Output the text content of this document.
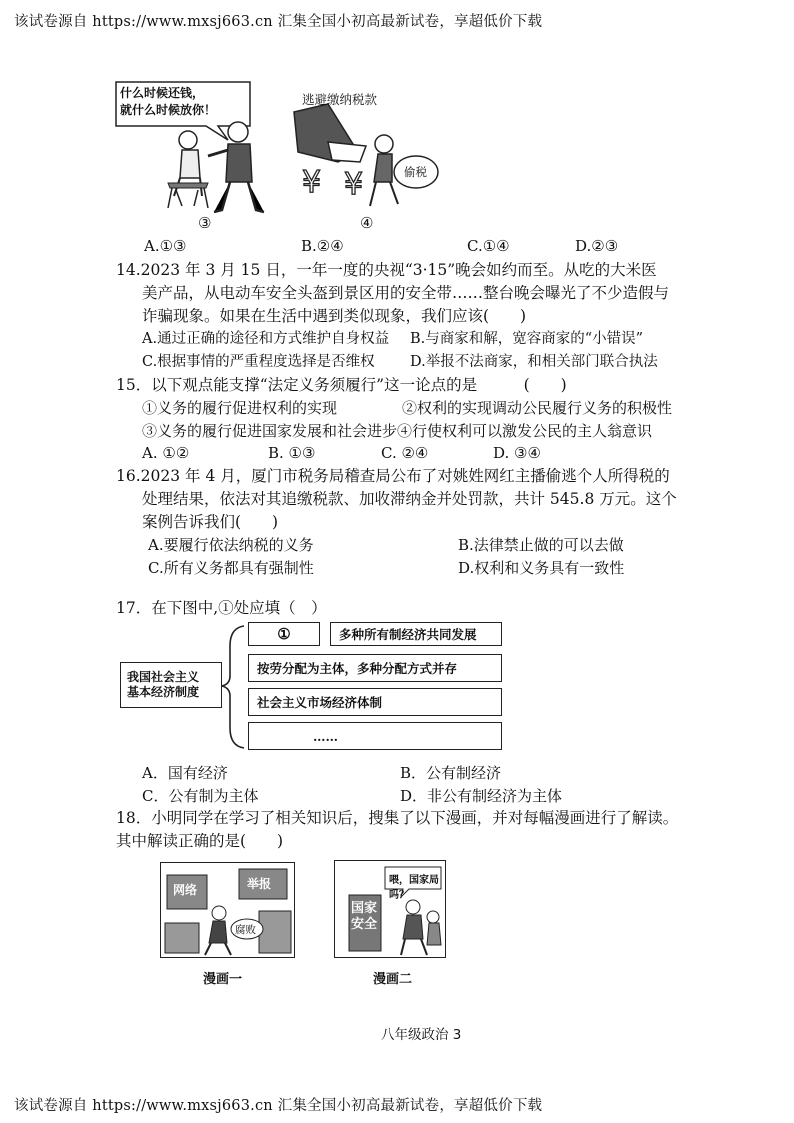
该试卷源自 https://www.mxsj663.cn 汇集全国小初高最新试卷，享超低价下载
什么时候还钱，
就什么时候放你！
③
¥ ¥
逃避缴纳税款
偷税
④
A.①③	B.②④	C.①④	D.②③
14.2023 年 3 月 15 日，一年一度的央视“3·15”晚会如约而至。从吃的大米医
美产品，从电动车安全头盔到景区用的安全带……整台晚会曝光了不少造假与
诈骗现象。如果在生活中遇到类似现象，我们应该(　　)
A.通过正确的途径和方式维护自身权益 B.与商家和解，宽容商家的“小错误”
C.根据事情的严重程度选择是否维权 D.举报不法商家，和相关部门联合执法
15．以下观点能支撑“法定义务须履行”这一论点的是　　　(　　)
①义务的履行促进权利的实现	②权利的实现调动公民履行义务的积极性
③义务的履行促进国家发展和社会进步④行使权利可以激发公民的主人翁意识
A. ①②	B. ①③	C. ②④	D. ③④
16.2023 年 4 月，厦门市税务局稽查局公布了对姚姓网红主播偷逃个人所得税的
处理结果，依法对其追缴税款、加收滞纳金并处罚款，共计 545.8 万元。这个
案例告诉我们(　　)
A.要履行依法纳税的义务	B.法律禁止做的可以去做
C.所有义务都具有强制性	D.权利和义务具有一致性
17．在下图中,①处应填（　）
我国社会主义
基本经济制度
①	多种所有制经济共同发展
按劳分配为主体，多种分配方式并存
社会主义市场经济体制
……
A．国有经济	B．公有制经济
C．公有制为主体	D．非公有制经济为主体
18．小明同学在学习了相关知识后，搜集了以下漫画，并对每幅漫画进行了解读。
其中解读正确的是(　　)
网络	举报
腐败
漫画一
喂，国家局吗？
国家安全
漫画二
八年级政治 3
该试卷源自 https://www.mxsj663.cn 汇集全国小初高最新试卷，享超低价下载
